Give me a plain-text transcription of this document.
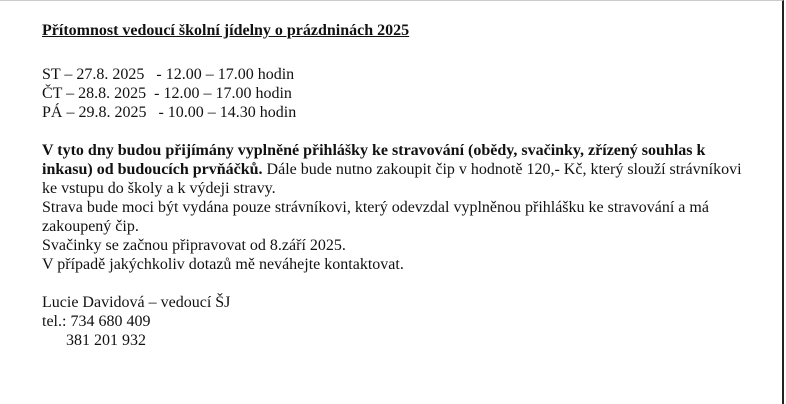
Přítomnost vedoucí školní jídelny o prázdninách 2025

ST – 27.8. 2025   - 12.00 – 17.00 hodin
ČT – 28.8. 2025  - 12.00 – 17.00 hodin
PÁ – 29.8. 2025   - 10.00 – 14.30 hodin
V tyto dny budou přijímány vyplněné přihlášky ke stravování (obědy, svačinky, zřízený souhlas k inkasu) od budoucích prvňáčků. Dále bude nutno zakoupit čip v hodnotě 120,- Kč, který slouží strávníkovi ke vstupu do školy a k výdeji stravy.
Strava bude moci být vydána pouze strávníkovi, který odevzdal vyplněnou přihlášku ke stravování a má zakoupený čip.
Svačinky se začnou připravovat od 8.září 2025.
V případě jakýchkoliv dotazů mě neváhejte kontaktovat.
Lucie Davidová – vedoucí ŠJ
tel.: 734 680 409
381 201 932
